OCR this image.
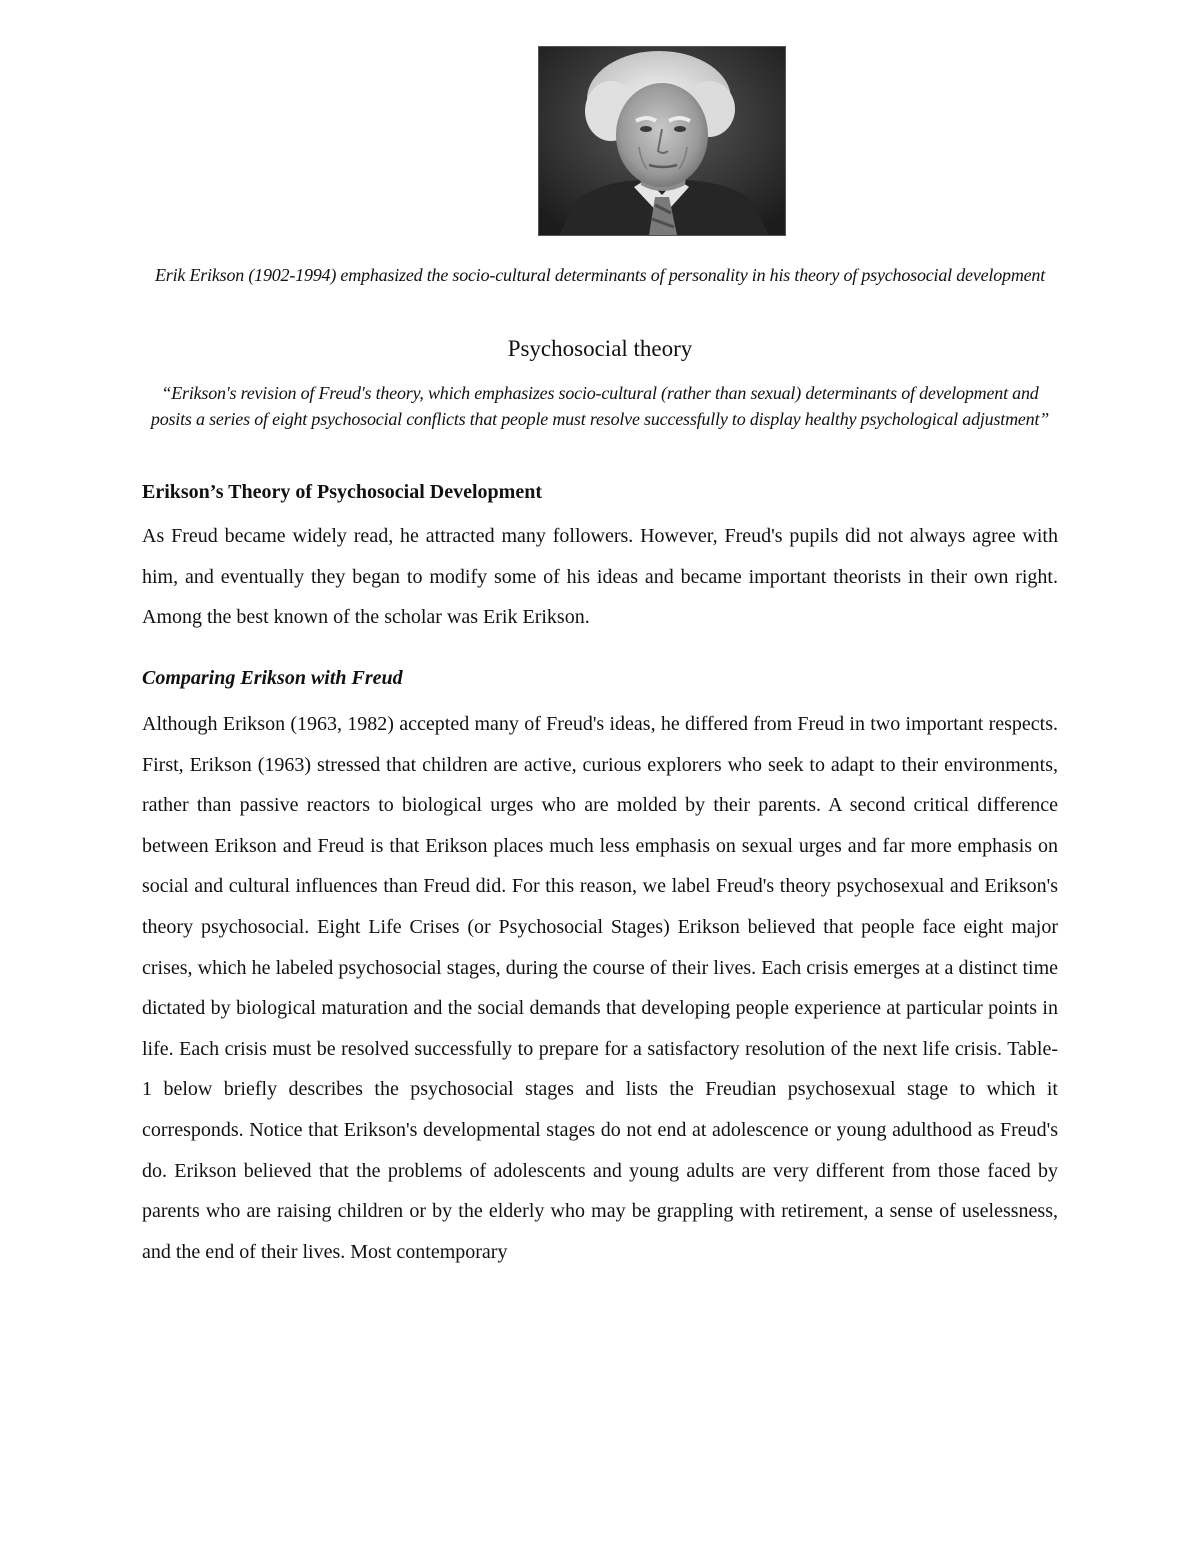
Erik Erikson (1902-1994) emphasized the socio-cultural determinants of personality in his theory of psychosocial development
Psychosocial theory
“Erikson's revision of Freud's theory, which emphasizes socio-cultural (rather than sexual) determinants of development and posits a series of eight psychosocial conflicts that people must resolve successfully to display healthy psychological adjustment”
Erikson’s Theory of Psychosocial Development

As Freud became widely read, he attracted many followers. However, Freud's pupils did not always agree with him, and eventually they began to modify some of his ideas and became important theorists in their own right. Among the best known of the scholar was Erik Erikson.

Comparing Erikson with Freud

Although Erikson (1963, 1982) accepted many of Freud's ideas, he differed from Freud in two important respects. First, Erikson (1963) stressed that children are active, curious explorers who seek to adapt to their environments, rather than passive reactors to biological urges who are molded by their parents. A second critical difference between Erikson and Freud is that Erikson places much less emphasis on sexual urges and far more emphasis on social and cultural influences than Freud did. For this reason, we label Freud's theory psychosexual and Erikson's theory psychosocial. Eight Life Crises (or Psychosocial Stages) Erikson believed that people face eight major crises, which he labeled psychosocial stages, during the course of their lives. Each crisis emerges at a distinct time dictated by biological maturation and the social demands that developing people experience at particular points in life. Each crisis must be resolved successfully to prepare for a satisfactory resolution of the next life crisis. Table-1 below briefly describes the psychosocial stages and lists the Freudian psychosexual stage to which it corresponds. Notice that Erikson's developmental stages do not end at adolescence or young adulthood as Freud's do. Erikson believed that the problems of adolescents and young adults are very different from those faced by parents who are raising children or by the elderly who may be grappling with retirement, a sense of uselessness, and the end of their lives. Most contemporary
